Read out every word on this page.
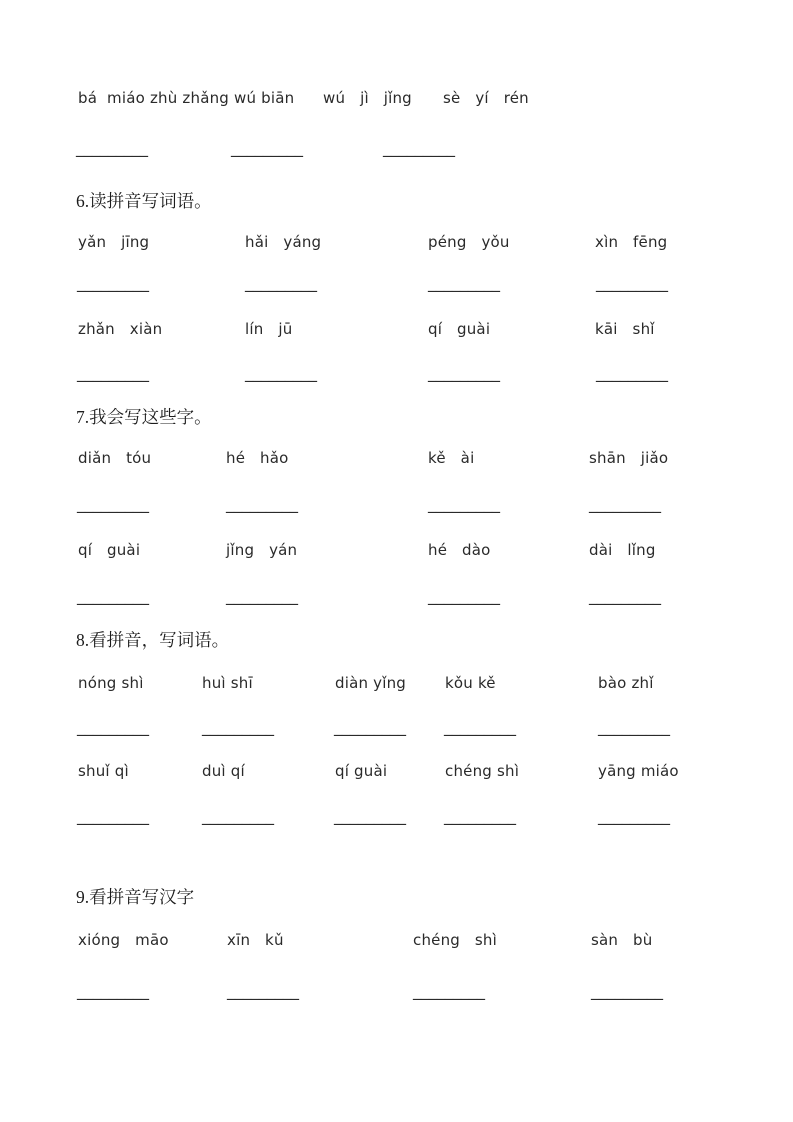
bá  miáo zhù zhǎng wú biān wú   jì   jǐng sè   yí   rén
_________	_________	_________
6.读拼音写词语。
yǎn   jīng	hǎi   yáng	péng   yǒu	xìn   fēng
_________	_________	_________	_________
zhǎn   xiàn	lín   jū	qí   guài	kāi   shǐ
_________	_________	_________	_________
7.我会写这些字。
diǎn   tóu	hé   hǎo	kě   ài	shān   jiǎo
_________	_________	_________	_________
qí   guài	jǐng   yán	hé   dào	dài   lǐng
_________	_________	_________	_________
8.看拼音，写词语。
nóng shì	huì shī	diàn yǐng	kǒu kě	bào zhǐ
_________	_________	_________ _________	_________
shuǐ qì	duì qí	qí guài	chéng shì	yāng miáo
_________	_________	_________ _________	_________
9.看拼音写汉字
xióng   māo	xīn   kǔ	chéng   shì	sàn   bù
_________	_________	_________	_________
